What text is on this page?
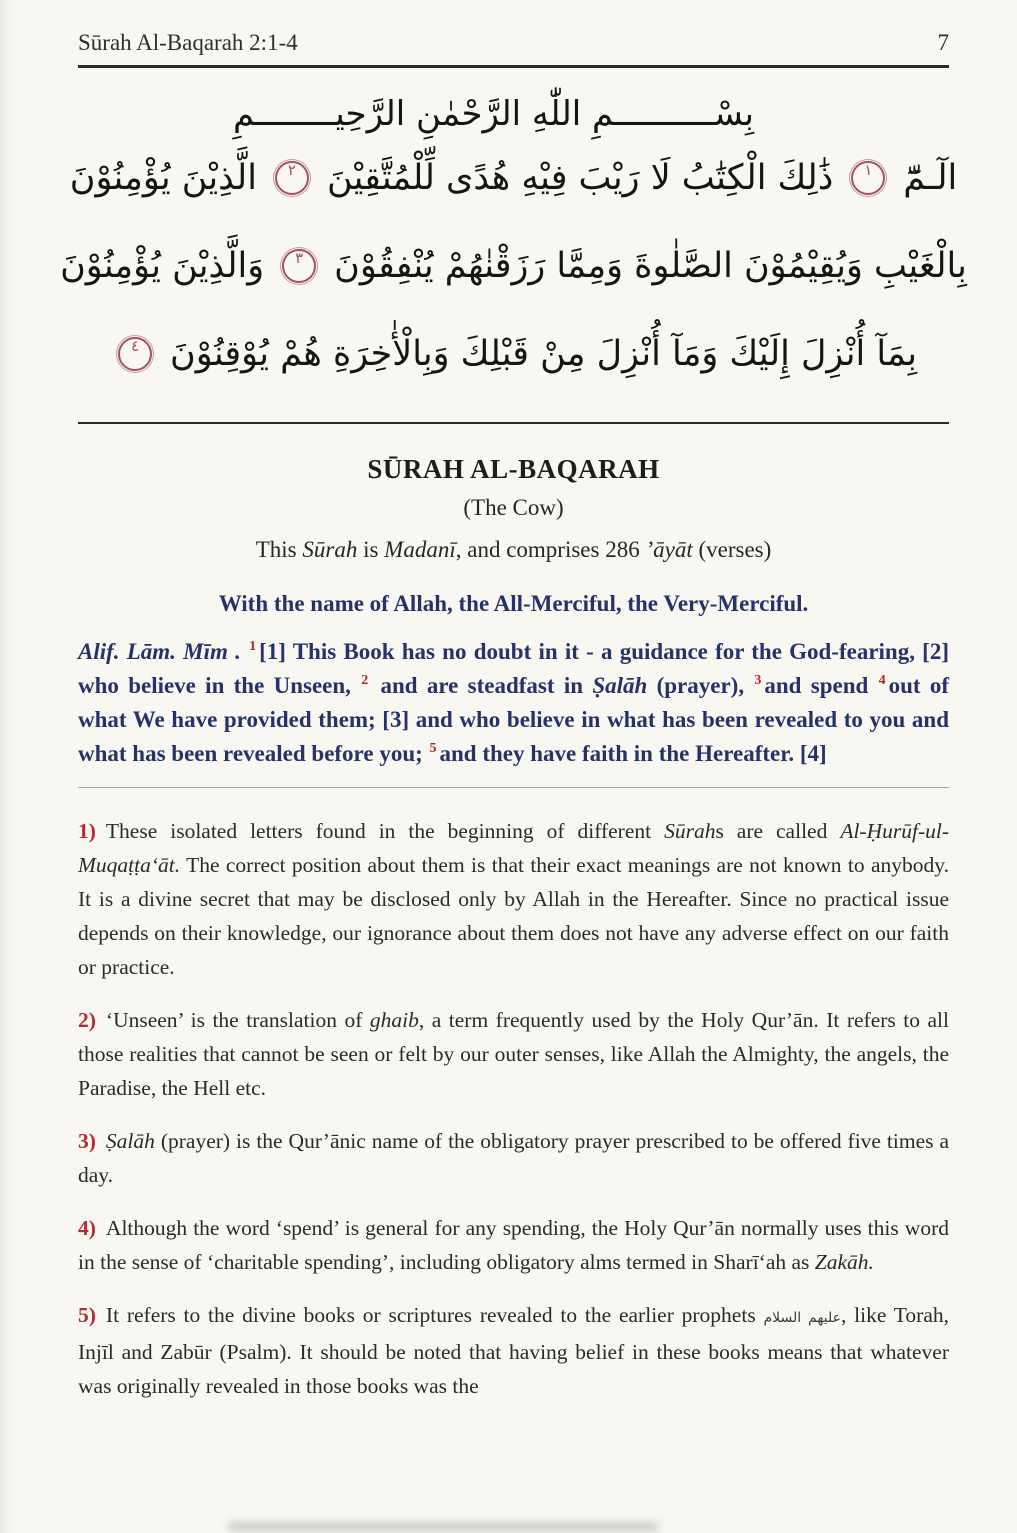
Sūrah Al-Baqarah 2:1-4	7
بِسْــــــــــمِ اللّٰهِ الرَّحْمٰنِ الرَّحِيــــــــمِ
الٓـمّٓ
١
ذَٰلِكَ الْكِتَٰبُ لَا رَيْبَ فِيْهِ هُدًى لِّلْمُتَّقِيْنَ
٢
الَّذِيْنَ يُؤْمِنُوْنَ
بِالْغَيْبِ وَيُقِيْمُوْنَ الصَّلٰوةَ وَمِمَّا رَزَقْنٰهُمْ يُنْفِقُوْنَ
٣
وَالَّذِيْنَ يُؤْمِنُوْنَ
بِمَآ أُنْزِلَ إِلَيْكَ وَمَآ أُنْزِلَ مِنْ قَبْلِكَ وَبِالْأٰخِرَةِ هُمْ يُوْقِنُوْنَ
٤
SŪRAH AL-BAQARAH
(The Cow)
This Sūrah is Madanī, and comprises 286 ’āyāt (verses)
With the name of Allah, the All-Merciful, the Very-Merciful.
Alif. Lām. Mīm . $^1$ [1] This Book has no doubt in it - a guidance for the God-fearing, [2] who believe in the Unseen, $^2$ and are steadfast in Ṣalāh (prayer), $^3$ and spend $^4$ out of what We have provided them; [3] and who believe in what has been revealed to you and what has been revealed before you; $^5$ and they have faith in the Hereafter. [4]
1) These isolated letters found in the beginning of different Sūrahs are called Al-Ḥurūf-ul-Muqaṭṭa‘āt. The correct position about them is that their exact meanings are not known to anybody. It is a divine secret that may be disclosed only by Allah in the Hereafter. Since no practical issue depends on their knowledge, our ignorance about them does not have any adverse effect on our faith or practice.
2) ‘Unseen’ is the translation of ghaib, a term frequently used by the Holy Qur’ān. It refers to all those realities that cannot be seen or felt by our outer senses, like Allah the Almighty, the angels, the Paradise, the Hell etc.
3) Ṣalāh (prayer) is the Qur’ānic name of the obligatory prayer prescribed to be offered five times a day.
4) Although the word ‘spend’ is general for any spending, the Holy Qur’ān normally uses this word in the sense of ‘charitable spending’, including obligatory alms termed in Sharī‘ah as Zakāh.
5) It refers to the divine books or scriptures revealed to the earlier prophets عليهم السلام, like Torah, Injīl and Zabūr (Psalm). It should be noted that having belief in these books means that whatever was originally revealed in those books was the
